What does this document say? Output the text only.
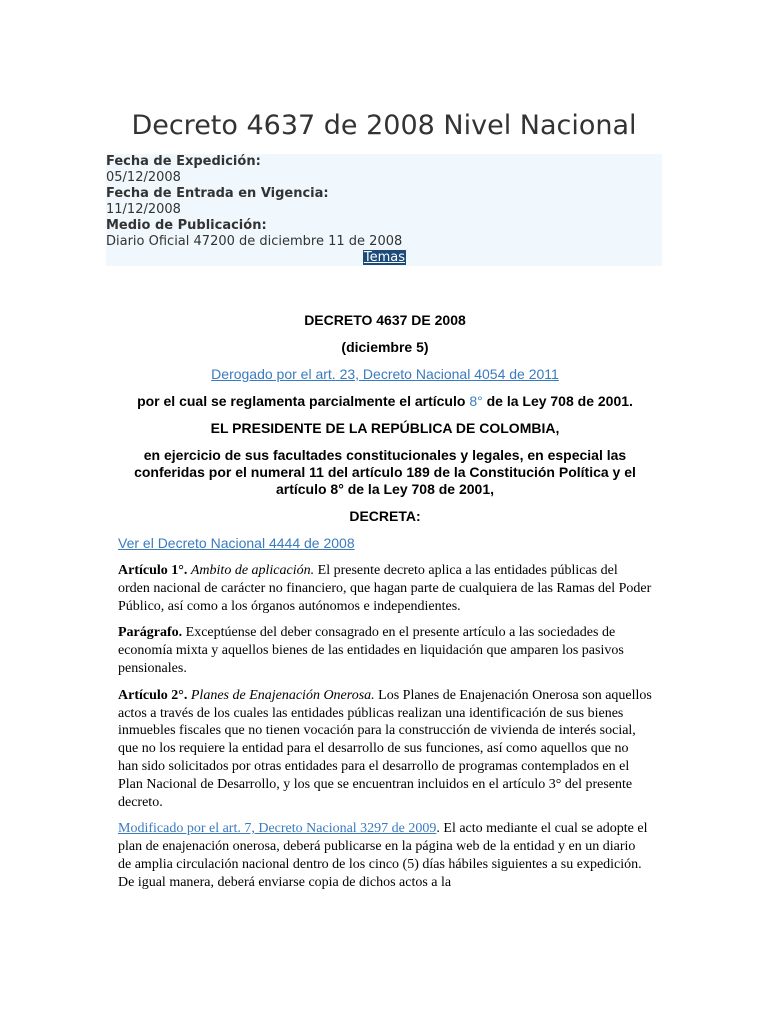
Decreto 4637 de 2008 Nivel Nacional
Fecha de Expedición:
05/12/2008
Fecha de Entrada en Vigencia:
11/12/2008
Medio de Publicación:
Diario Oficial 47200 de diciembre 11 de 2008
Temas

DECRETO 4637 DE 2008

(diciembre 5)

Derogado por el art. 23, Decreto Nacional 4054 de 2011

por el cual se reglamenta parcialmente el artículo 8° de la Ley 708 de 2001.

EL PRESIDENTE DE LA REPÚBLICA DE COLOMBIA,

en ejercicio de sus facultades constitucionales y legales, en especial las conferidas por el numeral 11 del artículo 189 de la Constitución Política y el artículo 8° de la Ley 708 de 2001,

DECRETA:

Ver el Decreto Nacional 4444 de 2008

Artículo 1°. Ambito de aplicación. El presente decreto aplica a las entidades públicas del orden nacional de carácter no financiero, que hagan parte de cualquiera de las Ramas del Poder Público, así como a los órganos autónomos e independientes.

Parágrafo. Exceptúense del deber consagrado en el presente artículo a las sociedades de economía mixta y aquellos bienes de las entidades en liquidación que amparen los pasivos pensionales.

Artículo 2°. Planes de Enajenación Onerosa. Los Planes de Enajenación Onerosa son aquellos actos a través de los cuales las entidades públicas realizan una identificación de sus bienes inmuebles fiscales que no tienen vocación para la construcción de vivienda de interés social, que no los requiere la entidad para el desarrollo de sus funciones, así como aquellos que no han sido solicitados por otras entidades para el desarrollo de programas contemplados en el Plan Nacional de Desarrollo, y los que se encuentran incluidos en el artículo 3° del presente decreto.

Modificado por el art. 7, Decreto Nacional 3297 de 2009. El acto mediante el cual se adopte el plan de enajenación onerosa, deberá publicarse en la página web de la entidad y en un diario de amplia circulación nacional dentro de los cinco (5) días hábiles siguientes a su expedición. De igual manera, deberá enviarse copia de dichos actos a la
